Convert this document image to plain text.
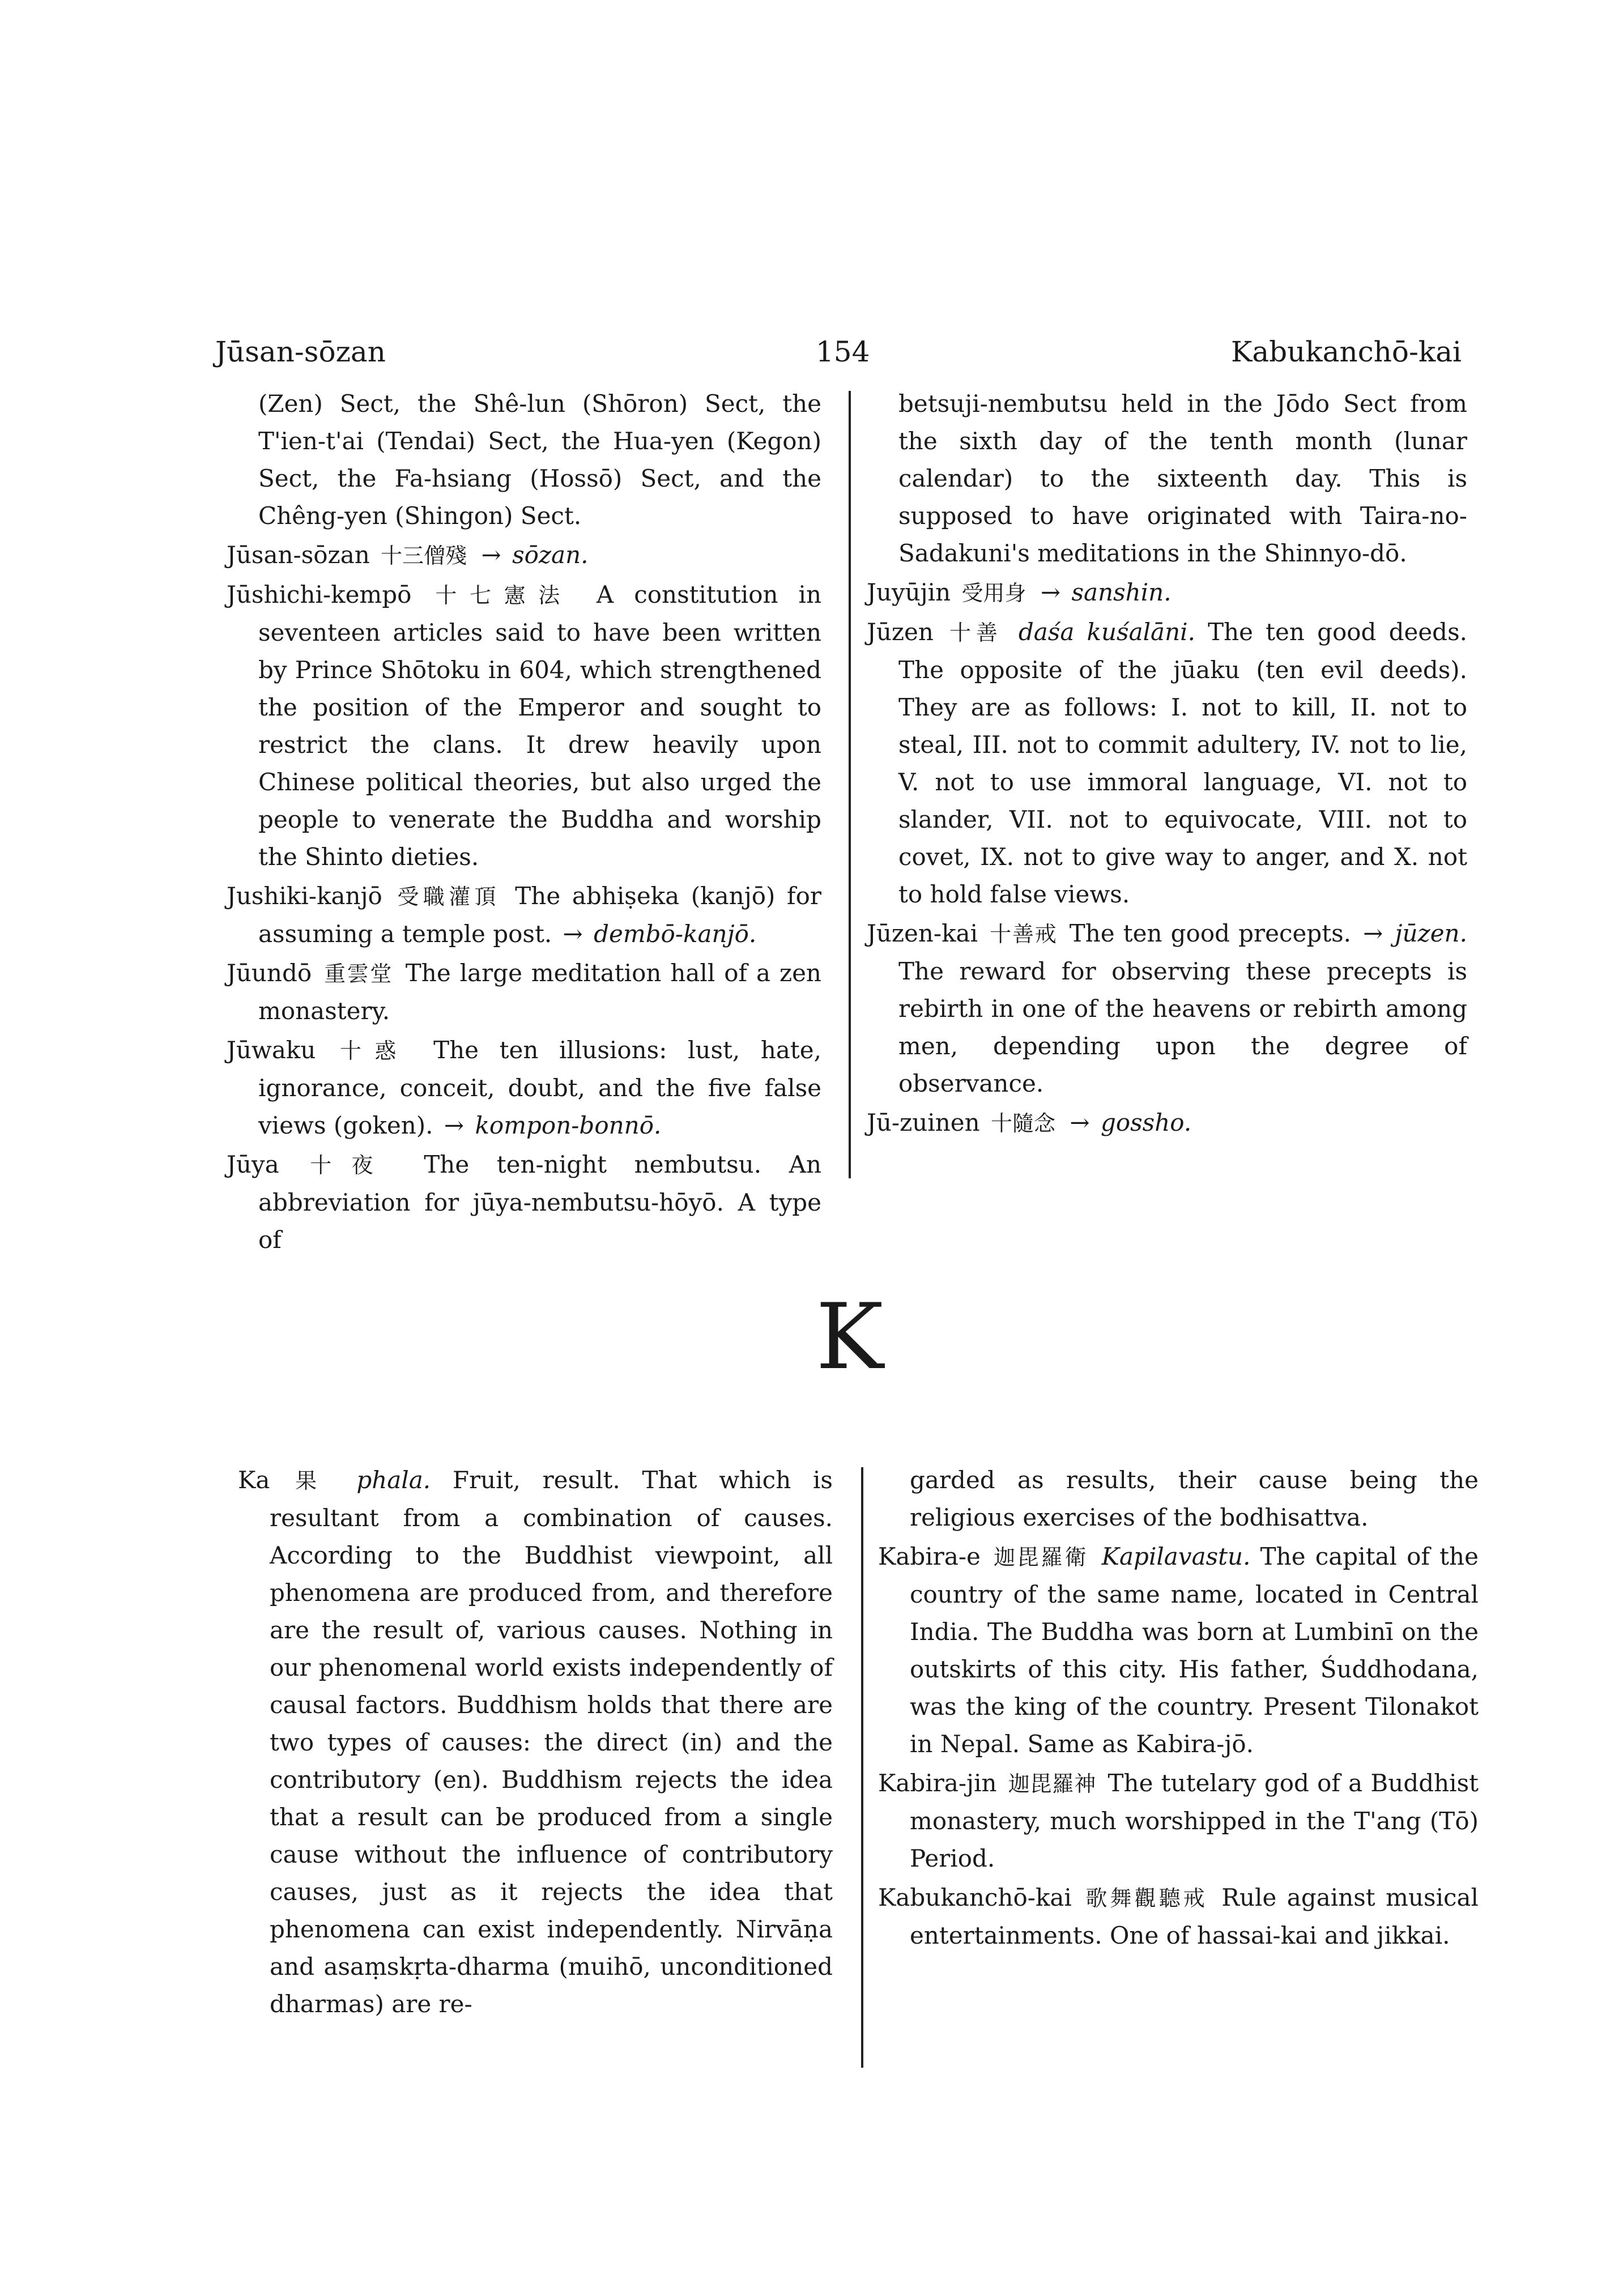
Jūsan-sōzan	154	Kabukanchō-kai

(Zen) Sect, the Shê-lun (Shōron) Sect, the T'ien-t'ai (Tendai) Sect, the Hua-yen (Kegon) Sect, the Fa-hsiang (Hossō) Sect, and the Chêng-yen (Shingon) Sect.

Jūsan-sōzan 十三僧殘 → sōzan.

Jūshichi-kempō 十七憲法 A constitution in seventeen articles said to have been written by Prince Shōtoku in 604, which strengthened the position of the Emperor and sought to restrict the clans. It drew heavily upon Chinese political theories, but also urged the people to venerate the Buddha and worship the Shinto dieties.

Jushiki-kanjō 受職灌頂 The abhiṣeka (kanjō) for assuming a temple post. → dembō-kanjō.

Jūundō 重雲堂 The large meditation hall of a zen monastery.

Jūwaku 十惑 The ten illusions: lust, hate, ignorance, conceit, doubt, and the five false views (goken). → kompon-bonnō.

Jūya 十夜 The ten-night nembutsu. An abbreviation for jūya-nembutsu-hōyō. A type of

betsuji-nembutsu held in the Jōdo Sect from the sixth day of the tenth month (lunar calendar) to the sixteenth day. This is supposed to have originated with Taira-no-Sadakuni's meditations in the Shinnyo-dō.

Juyūjin 受用身 → sanshin.

Jūzen 十善 daśa kuśalāni. The ten good deeds. The opposite of the jūaku (ten evil deeds). They are as follows: I. not to kill, II. not to steal, III. not to commit adultery, IV. not to lie, V. not to use immoral language, VI. not to slander, VII. not to equivocate, VIII. not to covet, IX. not to give way to anger, and X. not to hold false views.

Jūzen-kai 十善戒 The ten good precepts. → jūzen. The reward for observing these precepts is rebirth in one of the heavens or rebirth among men, depending upon the degree of observance.

Jū-zuinen 十隨念 → gossho.

K

Ka 果 phala. Fruit, result. That which is resultant from a combination of causes. According to the Buddhist viewpoint, all phenomena are produced from, and therefore are the result of, various causes. Nothing in our phenomenal world exists independently of causal factors. Buddhism holds that there are two types of causes: the direct (in) and the contributory (en). Buddhism rejects the idea that a result can be produced from a single cause without the influence of contributory causes, just as it rejects the idea that phenomena can exist independently. Nirvāṇa and asaṃskṛta-dharma (muihō, unconditioned dharmas) are re-

garded as results, their cause being the religious exercises of the bodhisattva.

Kabira-e 迦毘羅衛 Kapilavastu. The capital of the country of the same name, located in Central India. The Buddha was born at Lumbinī on the outskirts of this city. His father, Śuddhodana, was the king of the country. Present Tilonakot in Nepal. Same as Kabira-jō.

Kabira-jin 迦毘羅神 The tutelary god of a Buddhist monastery, much worshipped in the T'ang (Tō) Period.

Kabukanchō-kai 歌舞觀聽戒 Rule against musical entertainments. One of hassai-kai and jikkai.
